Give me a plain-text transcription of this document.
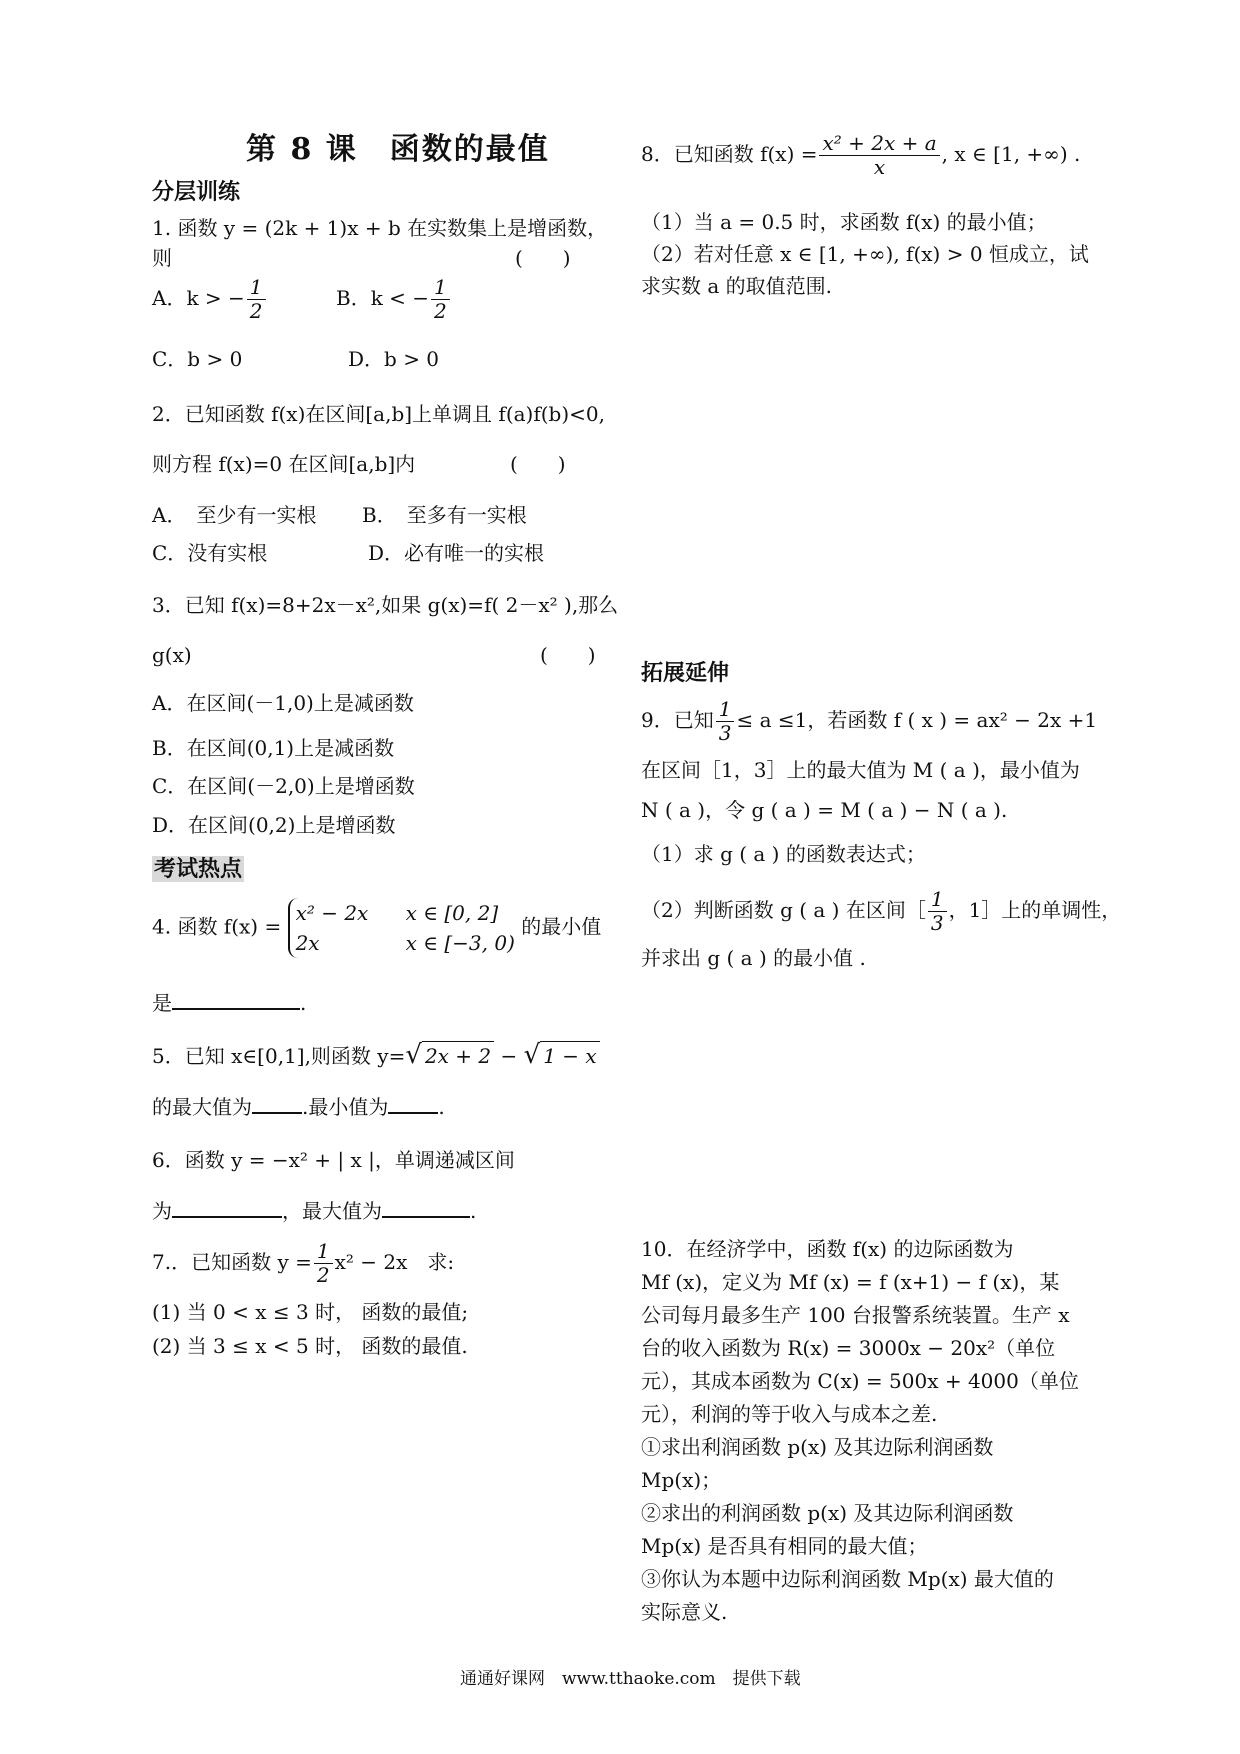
第 8 课　函数的最值
分层训练
1. 函数 y = (2k + 1)x + b 在实数集上是增函数，
则	(　　)
A．k > − $\frac{1}{2}$	B．k < − $\frac{1}{2}$
C．b > 0	D．b > 0
2．已知函数 f(x)在区间[a,b]上单调且 f(a)f(b)<0,
则方程 f(x)=0 在区间[a,b]内	(　　)
A．　至少有一实根 B．　至多有一实根
C．没有实根	D．必有唯一的实根
3．已知 f(x)=8+2x－x²,如果 g(x)=f( 2－x² ),那么
g(x)	(　　)
A．在区间(－1,0)上是减函数
B．在区间(0,1)上是减函数
C．在区间(－2,0)上是增函数
D．在区间(0,2)上是增函数
考试热点
4. 函数 f(x) = x² − 2x x ∈ [0, 2]
2x	x ∈ [−3, 0) 的最小值
是	.
5．已知 x∈[0,1],则函数 y=√ 2x + 2 − √ 1 − x
的最大值为	.最小值为	.
6．函数 y = −x² + | x |，单调递减区间
为	，最大值为	.
7.．已知函数 $y = \frac{1}{2} x^2 - 2x$　求:
(1) 当 0 < x ≤ 3 时， 函数的最值;
(2) 当 3 ≤ x < 5 时， 函数的最值.
8．已知函数 $f(x) = \frac{\text{x² + 2x + a}}{x}$ , x ∈ [1, +∞) .
（1）当 a = 0.5 时，求函数 f(x) 的最小值；
（2）若对任意 x ∈ [1, +∞), f(x) > 0 恒成立，试
求实数 a 的取值范围.
拓展延伸
9．已知 $\frac{1}{3} \le a \le 1$，若函数 f ( x ) = ax² − 2x +1
在区间［1，3］上的最大值为 M ( a )，最小值为
N ( a )，令 g ( a ) = M ( a ) − N ( a ).
（1）求 g ( a ) 的函数表达式；
（2）判断函数 g ( a ) 在区间［ $\frac{1}{3}$ ，1］上的单调性，
并求出 g ( a ) 的最小值 .
10．在经济学中，函数 f(x) 的边际函数为
Mf (x)，定义为 Mf (x) = f (x+1) − f (x)，某
公司每月最多生产 100 台报警系统装置。生产 x
台的收入函数为 R(x) = 3000x − 20x²（单位
元），其成本函数为 C(x) = 500x + 4000（单位
元），利润的等于收入与成本之差.
①求出利润函数 p(x) 及其边际利润函数
Mp(x)；
②求出的利润函数 p(x) 及其边际利润函数
Mp(x) 是否具有相同的最大值；
③你认为本题中边际利润函数 Mp(x) 最大值的
实际意义.
通通好课网　www.tthaoke.com　提供下载
